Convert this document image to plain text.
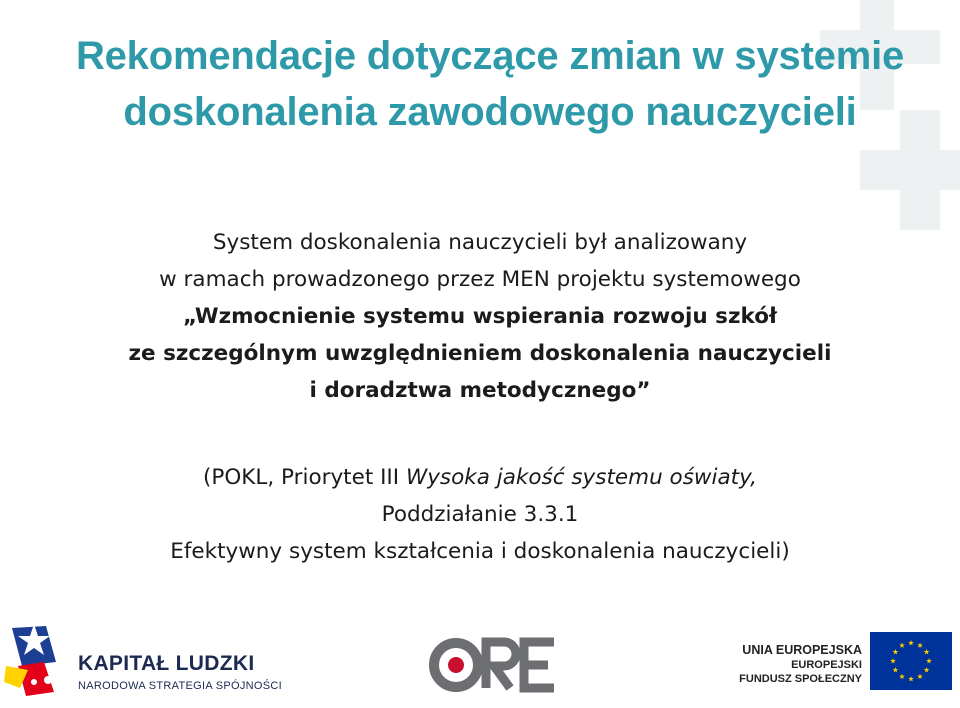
Rekomendacje dotyczące zmian w systemie
doskonalenia zawodowego nauczycieli
System doskonalenia nauczycieli był analizowany
w ramach prowadzonego przez MEN projektu systemowego
„Wzmocnienie systemu wspierania rozwoju szkół
ze szczególnym uwzględnieniem doskonalenia nauczycieli
i doradztwa metodycznego”
(POKL, Priorytet III Wysoka jakość systemu oświaty,
Poddziałanie 3.3.1
Efektywny system kształcenia i doskonalenia nauczycieli)
KAPITAŁ LUDZKI
NARODOWA STRATEGIA SPÓJNOŚCI
UNIA EUROPEJSKA
EUROPEJSKI
FUNDUSZ SPOŁECZNY
